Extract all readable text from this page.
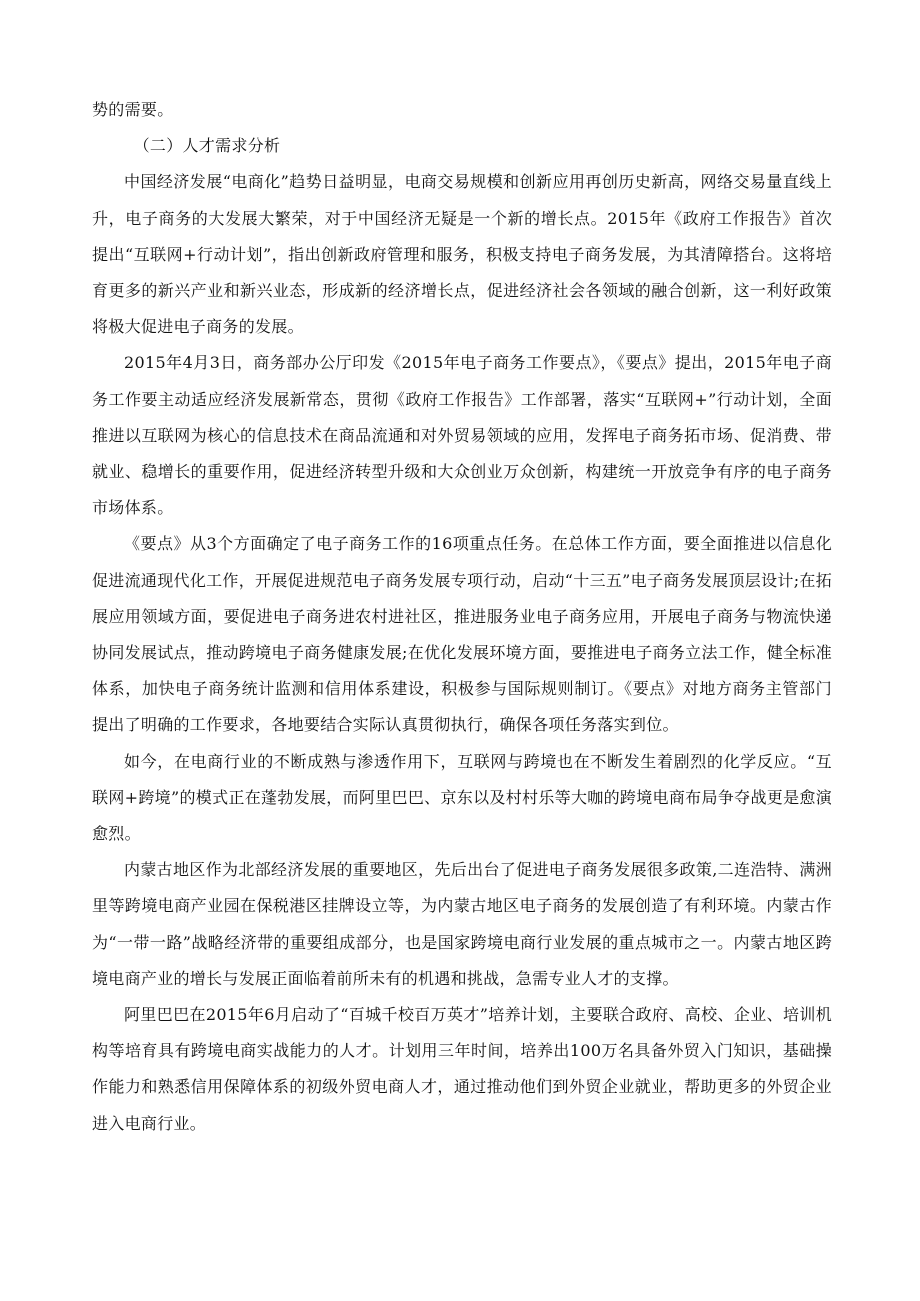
势的需要。

（二）人才需求分析

中国经济发展“电商化”趋势日益明显，电商交易规模和创新应用再创历史新高，网络交易量直线上升，电子商务的大发展大繁荣，对于中国经济无疑是一个新的增长点。2015年《政府工作报告》首次提出“互联网+行动计划”，指出创新政府管理和服务，积极支持电子商务发展，为其清障搭台。这将培育更多的新兴产业和新兴业态，形成新的经济增长点，促进经济社会各领域的融合创新，这一利好政策将极大促进电子商务的发展。

2015年4月3日，商务部办公厅印发《2015年电子商务工作要点》，《要点》提出，2015年电子商务工作要主动适应经济发展新常态，贯彻《政府工作报告》工作部署，落实“互联网+”行动计划，全面推进以互联网为核心的信息技术在商品流通和对外贸易领域的应用，发挥电子商务拓市场、促消费、带就业、稳增长的重要作用，促进经济转型升级和大众创业万众创新，构建统一开放竞争有序的电子商务市场体系。

《要点》从3个方面确定了电子商务工作的16项重点任务。在总体工作方面，要全面推进以信息化促进流通现代化工作，开展促进规范电子商务发展专项行动，启动“十三五”电子商务发展顶层设计;在拓展应用领域方面，要促进电子商务进农村进社区，推进服务业电子商务应用，开展电子商务与物流快递协同发展试点，推动跨境电子商务健康发展;在优化发展环境方面，要推进电子商务立法工作，健全标准体系，加快电子商务统计监测和信用体系建设，积极参与国际规则制订。《要点》对地方商务主管部门提出了明确的工作要求，各地要结合实际认真贯彻执行，确保各项任务落实到位。

如今，在电商行业的不断成熟与渗透作用下，互联网与跨境也在不断发生着剧烈的化学反应。“互联网+跨境”的模式正在蓬勃发展，而阿里巴巴、京东以及村村乐等大咖的跨境电商布局争夺战更是愈演愈烈。

内蒙古地区作为北部经济发展的重要地区，先后出台了促进电子商务发展很多政策,二连浩特、满洲里等跨境电商产业园在保税港区挂牌设立等，为内蒙古地区电子商务的发展创造了有利环境。内蒙古作为“一带一路”战略经济带的重要组成部分，也是国家跨境电商行业发展的重点城市之一。内蒙古地区跨境电商产业的增长与发展正面临着前所未有的机遇和挑战，急需专业人才的支撑。

阿里巴巴在2015年6月启动了“百城千校百万英才”培养计划，主要联合政府、高校、企业、培训机构等培育具有跨境电商实战能力的人才。计划用三年时间，培养出100万名具备外贸入门知识，基础操作能力和熟悉信用保障体系的初级外贸电商人才，通过推动他们到外贸企业就业，帮助更多的外贸企业进入电商行业。
